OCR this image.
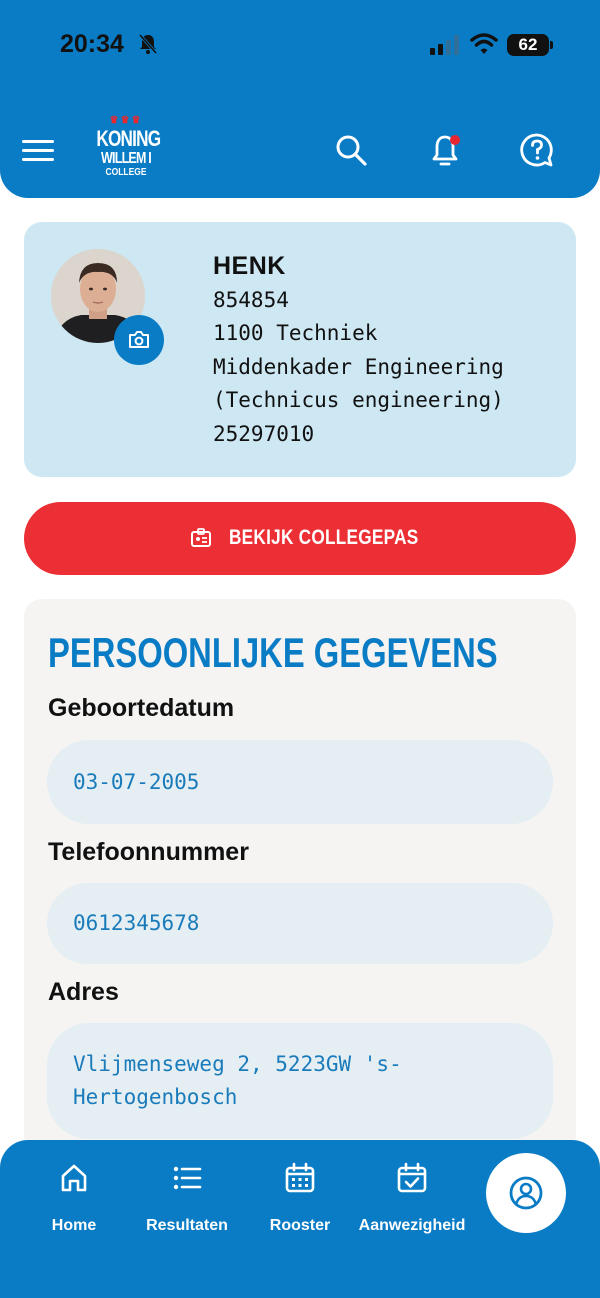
20:34	62
♛♛♛
KONING
WILLEM I
COLLEGE
HENK
854854
1100 Techniek
Middenkader Engineering
(Technicus engineering)
25297010
BEKIJK COLLEGEPAS
PERSOONLIJKE GEGEVENS
Geboortedatum
03-07-2005
Telefoonnummer
0612345678
Adres
Vlijmenseweg 2, 5223GW 's-Hertogenbosch
Home	Resultaten	Rooster	Aanwezigheid
